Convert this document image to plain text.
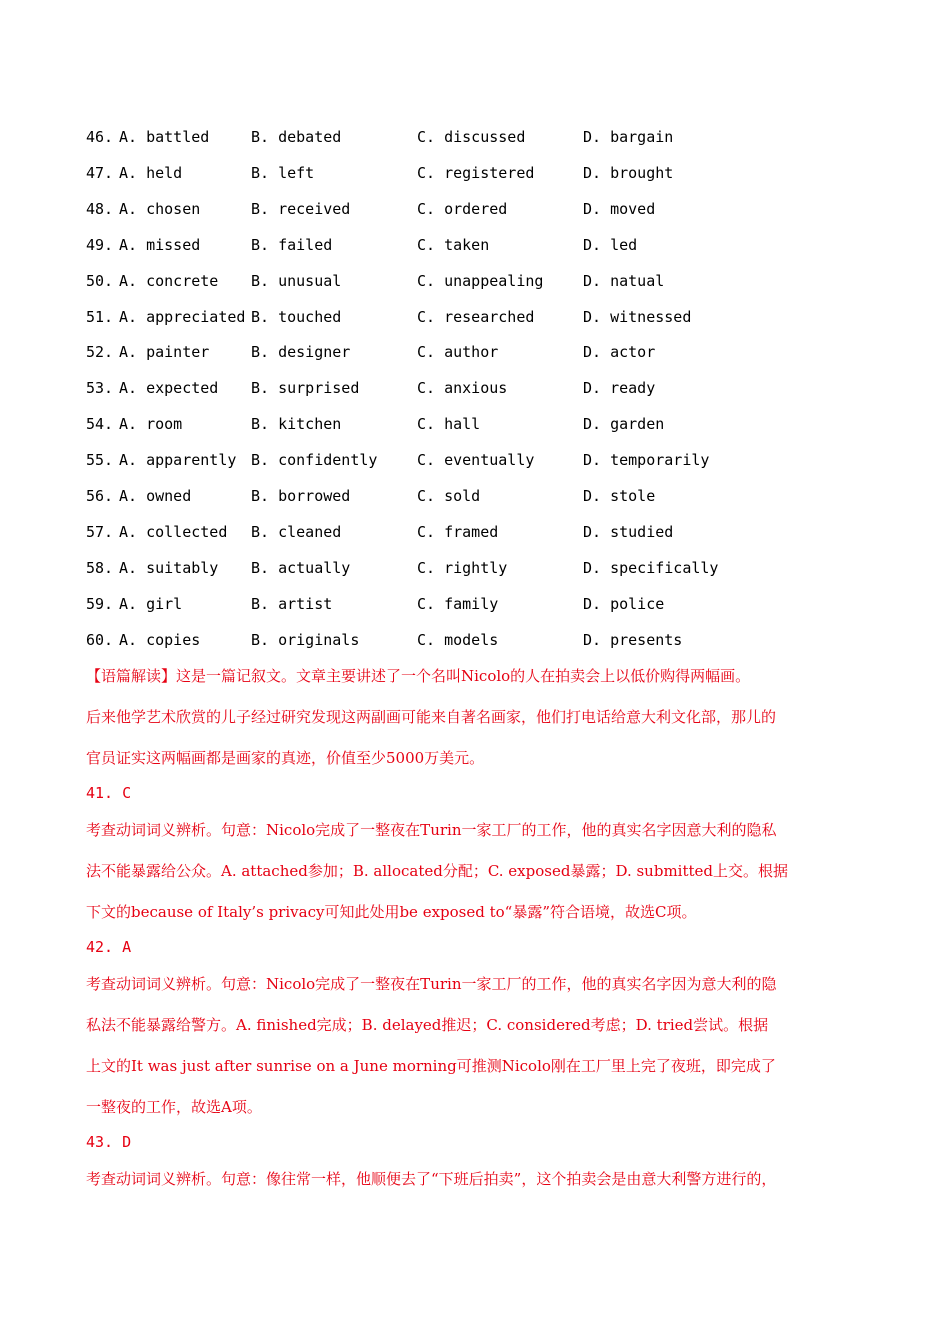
46. A. battled	B. debated	C. discussed	D. bargain
47. A. held	B. left	C. registered	D. brought
48. A. chosen	B. received	C. ordered	D. moved
49. A. missed	B. failed	C. taken	D. led
50. A. concrete B. unusual	C. unappealing	D. natual
51. A. appreciated B. touched	C. researched	D. witnessed
52. A. painter	B. designer	C. author	D. actor
53. A. expected B. surprised	C. anxious	D. ready
54. A. room	B. kitchen	C. hall	D. garden
55. A. apparently B. confidently	C. eventually	D. temporarily
56. A. owned	B. borrowed	C. sold	D. stole
57. A. collected B. cleaned	C. framed	D. studied
58. A. suitably B. actually	C. rightly	D. specifically
59. A. girl	B. artist	C. family	D. police
60. A. copies	B. originals	C. models	D. presents
【语篇解读】这是一篇记叙文。文章主要讲述了一个名叫Nicolo的人在拍卖会上以低价购得两幅画。
后来他学艺术欣赏的儿子经过研究发现这两副画可能来自著名画家，他们打电话给意大利文化部，那儿的
官员证实这两幅画都是画家的真迹，价值至少5000万美元。
41. C
考查动词词义辨析。句意：Nicolo完成了一整夜在Turin一家工厂的工作，他的真实名字因意大利的隐私
法不能暴露给公众。A. attached参加；B. allocated分配；C. exposed暴露；D. submitted上交。根据
下文的because of Italy’s privacy可知此处用be exposed to“暴露”符合语境，故选C项。
42. A
考查动词词义辨析。句意：Nicolo完成了一整夜在Turin一家工厂的工作，他的真实名字因为意大利的隐
私法不能暴露给警方。A. finished完成；B. delayed推迟；C. considered考虑；D. tried尝试。根据
上文的It was just after sunrise on a June morning可推测Nicolo刚在工厂里上完了夜班，即完成了
一整夜的工作，故选A项。
43. D
考查动词词义辨析。句意：像往常一样，他顺便去了“下班后拍卖”，这个拍卖会是由意大利警方进行的，
